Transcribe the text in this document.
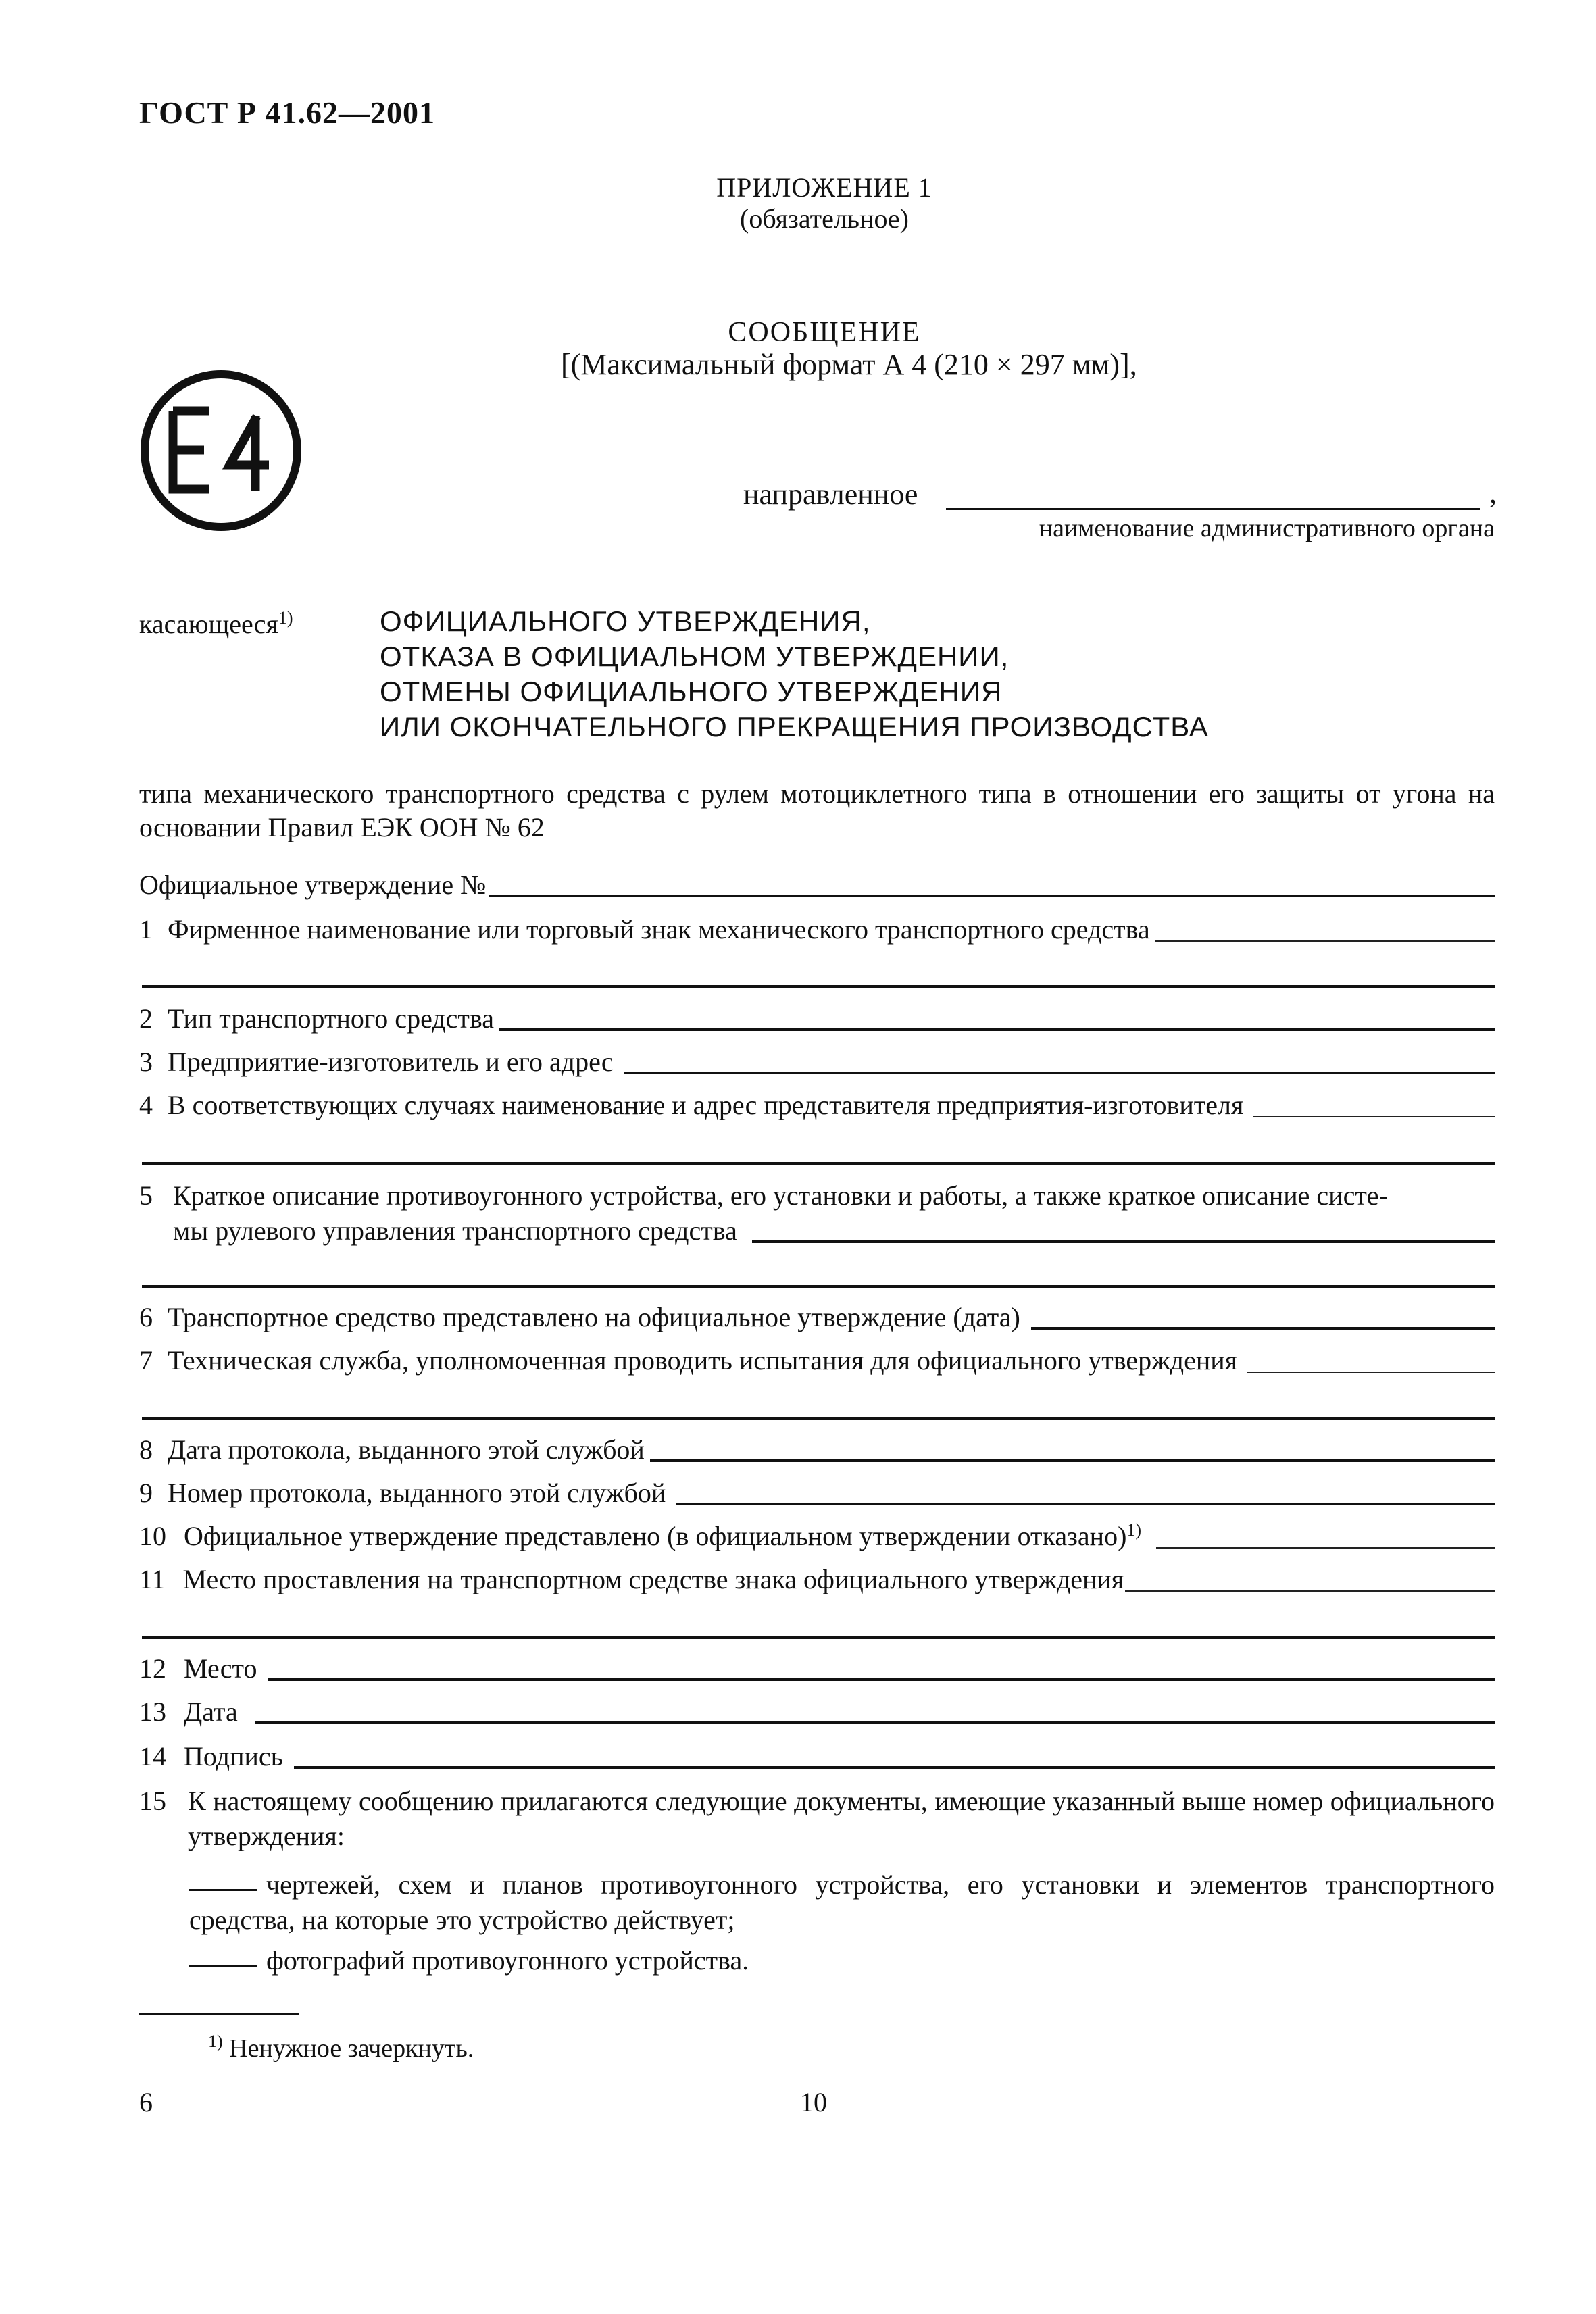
ГОСТ Р 41.62—2001
ПРИЛОЖЕНИЕ 1
(обязательное)
СООБЩЕНИЕ
[(Максимальный формат А 4 (210 × 297 мм)],
направленное	,
наименование административного органа
касающееся$^{1)}$	ОФИЦИАЛЬНОГО УТВЕРЖДЕНИЯ,
ОТКАЗА В ОФИЦИАЛЬНОМ УТВЕРЖДЕНИИ,
ОТМЕНЫ ОФИЦИАЛЬНОГО УТВЕРЖДЕНИЯ
ИЛИ ОКОНЧАТЕЛЬНОГО ПРЕКРАЩЕНИЯ ПРОИЗВОДСТВА
типа механического транспортного средства с рулем мотоциклетного типа в отношении его защиты от угона на основании Правил ЕЭК ООН № 62
Официальное утверждение №
1 Фирменное наименование или торговый знак механического транспортного средства
2 Тип транспортного средства
3 Предприятие-изготовитель и его адрес
4 В соответствующих случаях наименование и адрес представителя предприятия-изготовителя
5 Краткое описание противоугонного устройства, его установки и работы, а также краткое описание систе-
мы рулевого управления транспортного средства
6 Транспортное средство представлено на официальное утверждение (дата)
7 Техническая служба, уполномоченная проводить испытания для официального утверждения
8 Дата протокола, выданного этой службой
9 Номер протокола, выданного этой службой
10 Официальное утверждение представлено (в официальном утверждении отказано)$^{1)}$
11 Место проставления на транспортном средстве знака официального утверждения
12 Место
13 Дата
14 Подпись
15 К настоящему сообщению прилагаются следующие документы, имеющие указанный выше номер официального утверждения:
чертежей, схем и планов противоугонного устройства, его установки и элементов транспортного средства, на которые это устройство действует;
фотографий противоугонного устройства.
$^{1)}$ Ненужное зачеркнуть.
6	10
